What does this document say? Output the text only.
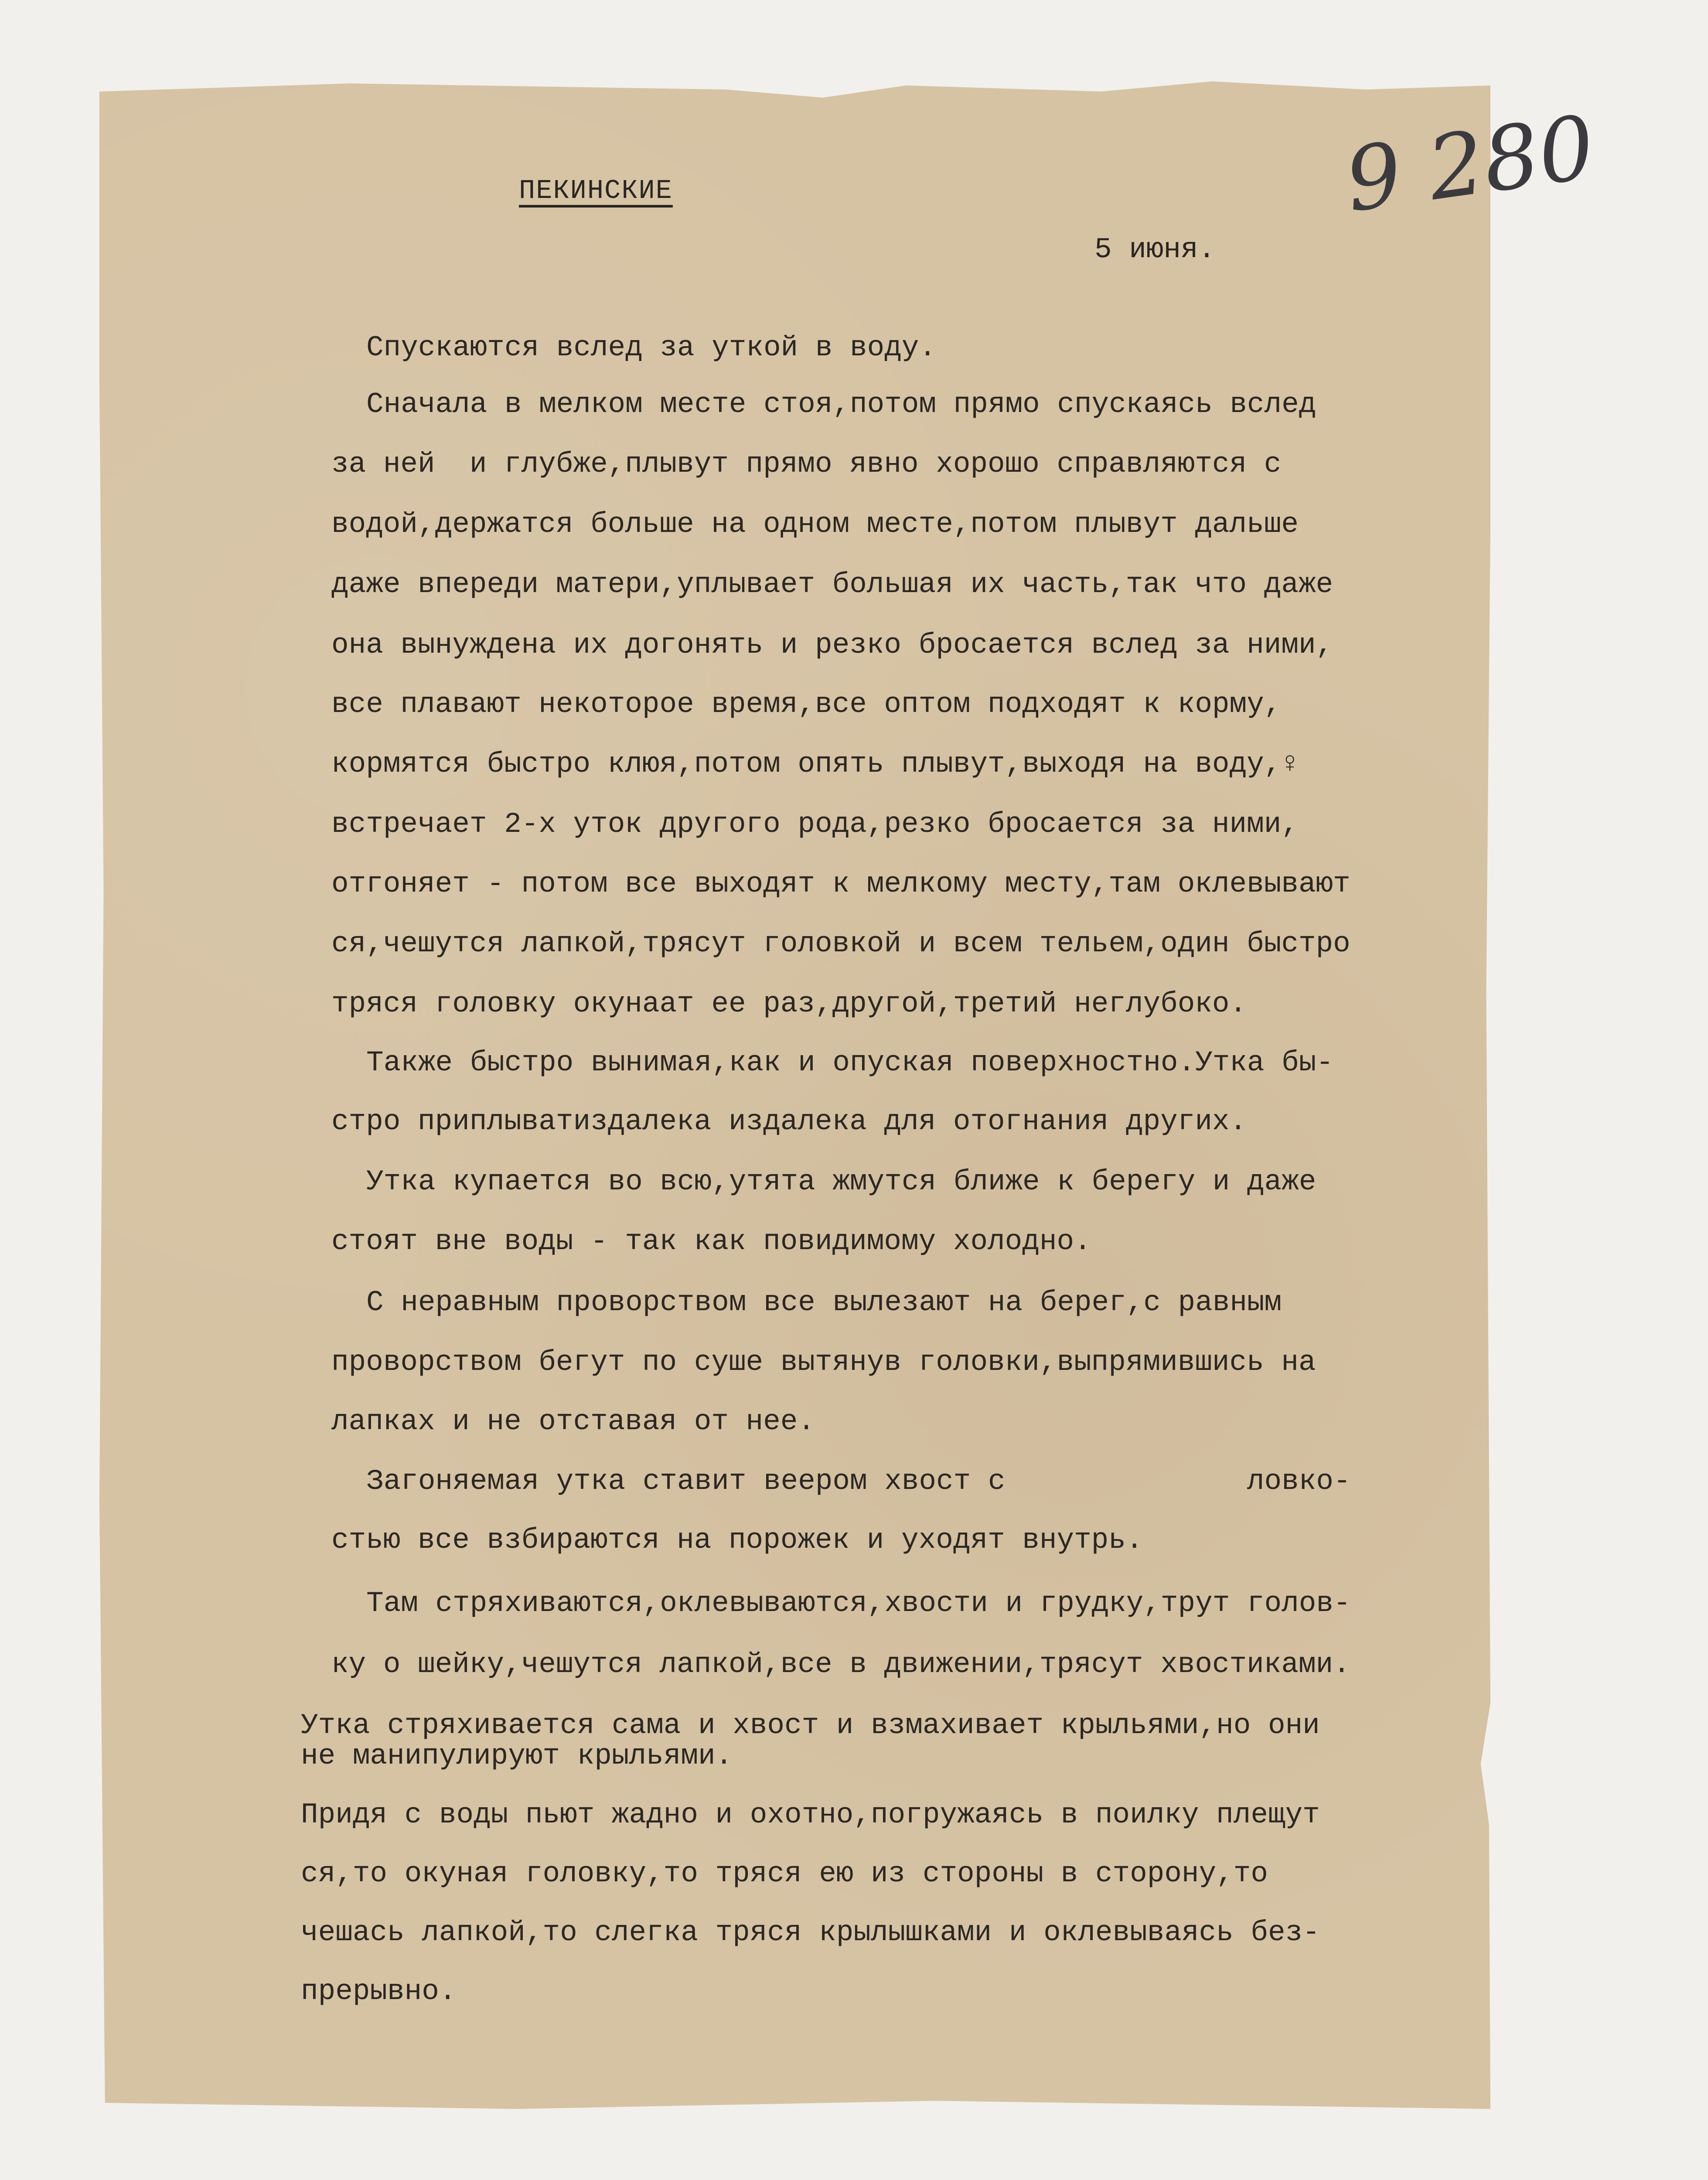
ПЕКИНСКИЕ	9 280
5 июня.
Спускаются вслед за уткой в воду.
Сначала в мелком месте стоя,потом прямо спускаясь вслед
за ней  и глубже,плывут прямо явно хорошо справляются с
водой,держатся больше на одном месте,потом плывут дальше
даже впереди матери,уплывает большая их часть,так что даже
она вынуждена их догонять и резко бросается вслед за ними,
все плавают некоторое время,все оптом подходят к корму,
кормятся быстро клюя,потом опять плывут,выходя на воду,♀
встречает 2-х уток другого рода,резко бросается за ними,
отгоняет - потом все выходят к мелкому месту,там оклевывают
ся,чешутся лапкой,трясут головкой и всем тельем,один быстро
тряся головку окунаат ее раз,другой,третий неглубоко.
Также быстро вынимая,как и опуская поверхностно.Утка бы-
стро приплыватиздалека издалека для отогнания других.
Утка купается во всю,утята жмутся ближе к берегу и даже
стоят вне воды - так как повидимому холодно.
С неравным проворством все вылезают на берег,с равным
проворством бегут по суше вытянув головки,выпрямившись на
лапках и не отставая от нее.
Загоняемая утка ставит веером хвост с              ловко-
стью все взбираются на порожек и уходят внутрь.
Там стряхиваются,оклевываются,хвости и грудку,трут голов-
ку о шейку,чешутся лапкой,все в движении,трясут хвостиками.
Утка стряхивается сама и хвост и взмахивает крыльями,но они
не манипулируют крыльями.
Придя с воды пьют жадно и охотно,погружаясь в поилку плещут
ся,то окуная головку,то тряся ею из стороны в сторону,то
чешась лапкой,то слегка тряся крылышками и оклевываясь без-
прерывно.
